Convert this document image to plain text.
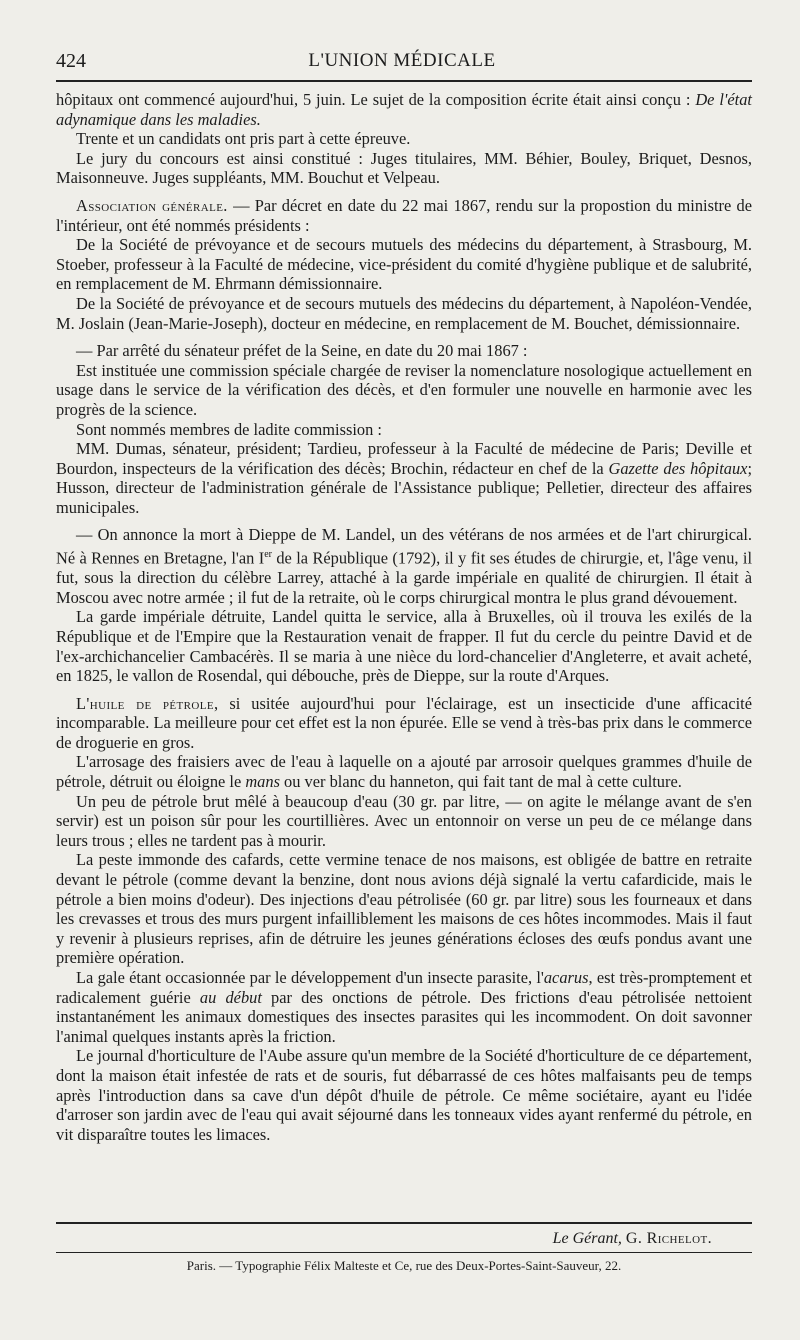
424	L'UNION MÉDICALE

hôpitaux ont commencé aujourd'hui, 5 juin. Le sujet de la composition écrite était ainsi conçu : De l'état adynamique dans les maladies.

Trente et un candidats ont pris part à cette épreuve.

Le jury du concours est ainsi constitué : Juges titulaires, MM. Béhier, Bouley, Briquet, Desnos, Maisonneuve. Juges suppléants, MM. Bouchut et Velpeau.

Association générale. — Par décret en date du 22 mai 1867, rendu sur la propostion du ministre de l'intérieur, ont été nommés présidents :

De la Société de prévoyance et de secours mutuels des médecins du département, à Strasbourg, M. Stoeber, professeur à la Faculté de médecine, vice-président du comité d'hygiène publique et de salubrité, en remplacement de M. Ehrmann démissionnaire.

De la Société de prévoyance et de secours mutuels des médecins du département, à Napoléon-Vendée, M. Joslain (Jean-Marie-Joseph), docteur en médecine, en remplacement de M. Bouchet, démissionnaire.

— Par arrêté du sénateur préfet de la Seine, en date du 20 mai 1867 :

Est instituée une commission spéciale chargée de reviser la nomenclature nosologique actuellement en usage dans le service de la vérification des décès, et d'en formuler une nouvelle en harmonie avec les progrès de la science.

Sont nommés membres de ladite commission :

MM. Dumas, sénateur, président; Tardieu, professeur à la Faculté de médecine de Paris; Deville et Bourdon, inspecteurs de la vérification des décès; Brochin, rédacteur en chef de la Gazette des hôpitaux; Husson, directeur de l'administration générale de l'Assistance publique; Pelletier, directeur des affaires municipales.

— On annonce la mort à Dieppe de M. Landel, un des vétérans de nos armées et de l'art chirurgical. Né à Rennes en Bretagne, l'an Ier de la République (1792), il y fit ses études de chirurgie, et, l'âge venu, il fut, sous la direction du célèbre Larrey, attaché à la garde impériale en qualité de chirurgien. Il était à Moscou avec notre armée ; il fut de la retraite, où le corps chirurgical montra le plus grand dévouement.

La garde impériale détruite, Landel quitta le service, alla à Bruxelles, où il trouva les exilés de la République et de l'Empire que la Restauration venait de frapper. Il fut du cercle du peintre David et de l'ex-archichancelier Cambacérès. Il se maria à une nièce du lord-chancelier d'Angleterre, et avait acheté, en 1825, le vallon de Rosendal, qui débouche, près de Dieppe, sur la route d'Arques.

L'huile de pétrole, si usitée aujourd'hui pour l'éclairage, est un insecticide d'une afficacité incomparable. La meilleure pour cet effet est la non épurée. Elle se vend à très-bas prix dans le commerce de droguerie en gros.

L'arrosage des fraisiers avec de l'eau à laquelle on a ajouté par arrosoir quelques grammes d'huile de pétrole, détruit ou éloigne le mans ou ver blanc du hanneton, qui fait tant de mal à cette culture.

Un peu de pétrole brut mêlé à beaucoup d'eau (30 gr. par litre, — on agite le mélange avant de s'en servir) est un poison sûr pour les courtillières. Avec un entonnoir on verse un peu de ce mélange dans leurs trous ; elles ne tardent pas à mourir.

La peste immonde des cafards, cette vermine tenace de nos maisons, est obligée de battre en retraite devant le pétrole (comme devant la benzine, dont nous avions déjà signalé la vertu cafardicide, mais le pétrole a bien moins d'odeur). Des injections d'eau pétrolisée (60 gr. par litre) sous les fourneaux et dans les crevasses et trous des murs purgent infailliblement les maisons de ces hôtes incommodes. Mais il faut y revenir à plusieurs reprises, afin de détruire les jeunes générations écloses des œufs pondus avant une première opération.

La gale étant occasionnée par le développement d'un insecte parasite, l'acarus, est très-promptement et radicalement guérie au début par des onctions de pétrole. Des frictions d'eau pétrolisée nettoient instantanément les animaux domestiques des insectes parasites qui les incommodent. On doit savonner l'animal quelques instants après la friction.

Le journal d'horticulture de l'Aube assure qu'un membre de la Société d'horticulture de ce département, dont la maison était infestée de rats et de souris, fut débarrassé de ces hôtes malfaisants peu de temps après l'introduction dans sa cave d'un dépôt d'huile de pétrole. Ce même sociétaire, ayant eu l'idée d'arroser son jardin avec de l'eau qui avait séjourné dans les tonneaux vides ayant renfermé du pétrole, en vit disparaître toutes les limaces.

Le Gérant, G. Richelot.
Paris. — Typographie Félix Malteste et Ce, rue des Deux-Portes-Saint-Sauveur, 22.
